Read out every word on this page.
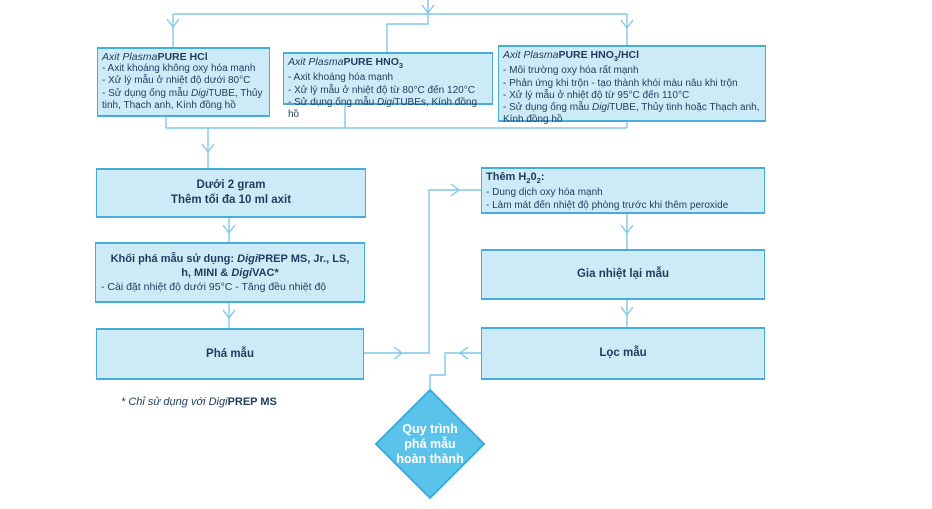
Axit PlasmaPURE HCl
- Axit khoáng không oxy hóa mạnh
- Xử lý mẫu ở nhiệt độ dưới 80°C
- Sử dụng ống mẫu DigiTUBE, Thủy tinh, Thạch anh, Kính đồng hồ
Axit PlasmaPURE $HNO_3$
- Axit khoáng hóa mạnh
- Xử lý mẫu ở nhiệt độ từ 80°C đến 120°C
- Sử dụng ống mẫu DigiTUBEs, Kính đồng hồ
Axit PlasmaPURE $HNO_3$/HCl
- Môi trường oxy hóa rất mạnh
- Phản ứng khi trộn - tạo thành khói màu nâu khi trộn
- Xử lý mẫu ở nhiệt độ từ 95°C đến 110°C
- Sử dụng ống mẫu DigiTUBE, Thủy tinh hoặc Thạch anh, Kính đồng hồ
Dưới 2 gram
Thêm tối đa 10 ml axit
Khối phá mẫu sử dụng: DigiPREP MS, Jr., LS,
h, MINI & DigiVAC*
- Cài đặt nhiệt độ dưới 95°C - Tăng đều nhiệt độ
Phá mẫu
Thêm $H_20_2$:
- Dung dịch oxy hóa mạnh
- Làm mát đến nhiệt độ phòng trước khi thêm peroxide
Gia nhiệt lại mẫu
Lọc mẫu
* Chỉ sử dụng với DigiPREP MS
Quy trình
phá mẫu
hoàn thành
